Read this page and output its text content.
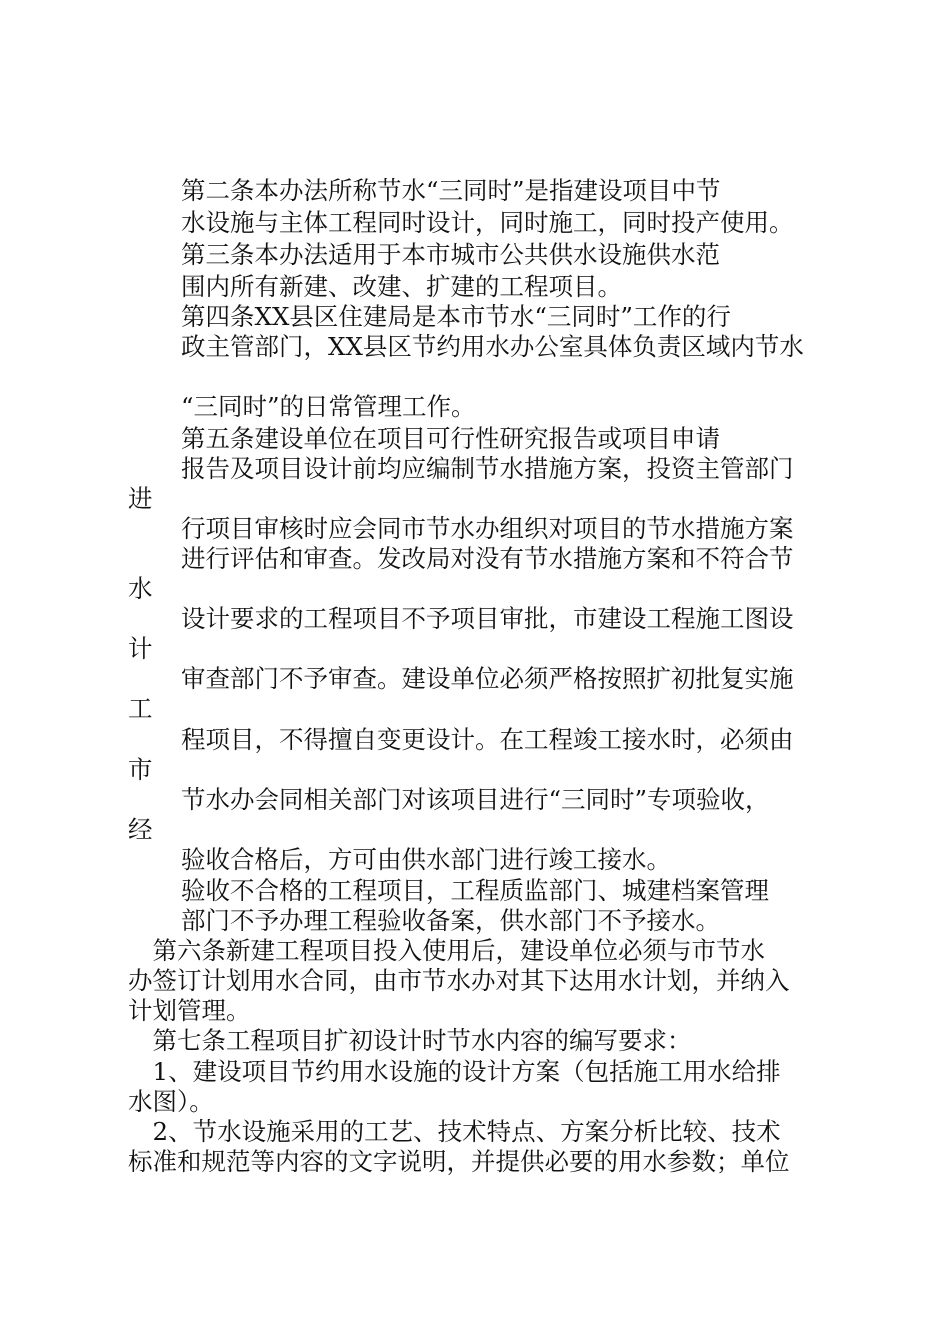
第二条本办法所称节水“三同时”是指建设项目中节
水设施与主体工程同时设计，同时施工，同时投产使用。
第三条本办法适用于本市城市公共供水设施供水范
围内所有新建、改建、扩建的工程项目。
第四条XX县区住建局是本市节水“三同时”工作的行
政主管部门，XX县区节约用水办公室具体负责区域内节水
“三同时”的日常管理工作。
第五条建设单位在项目可行性研究报告或项目申请
报告及项目设计前均应编制节水措施方案，投资主管部门
进
行项目审核时应会同市节水办组织对项目的节水措施方案
进行评估和审查。发改局对没有节水措施方案和不符合节
水
设计要求的工程项目不予项目审批，市建设工程施工图设
计
审查部门不予审查。建设单位必须严格按照扩初批复实施
工
程项目，不得擅自变更设计。在工程竣工接水时，必须由
市
节水办会同相关部门对该项目进行“三同时”专项验收，
经
验收合格后，方可由供水部门进行竣工接水。
验收不合格的工程项目，工程质监部门、城建档案管理
部门不予办理工程验收备案，供水部门不予接水。
　第六条新建工程项目投入使用后，建设单位必须与市节水
办签订计划用水合同，由市节水办对其下达用水计划，并纳入
计划管理。
　第七条工程项目扩初设计时节水内容的编写要求：
　1、建设项目节约用水设施的设计方案（包括施工用水给排
水图）。
　2、节水设施采用的工艺、技术特点、方案分析比较、技术
标准和规范等内容的文字说明，并提供必要的用水参数；单位
